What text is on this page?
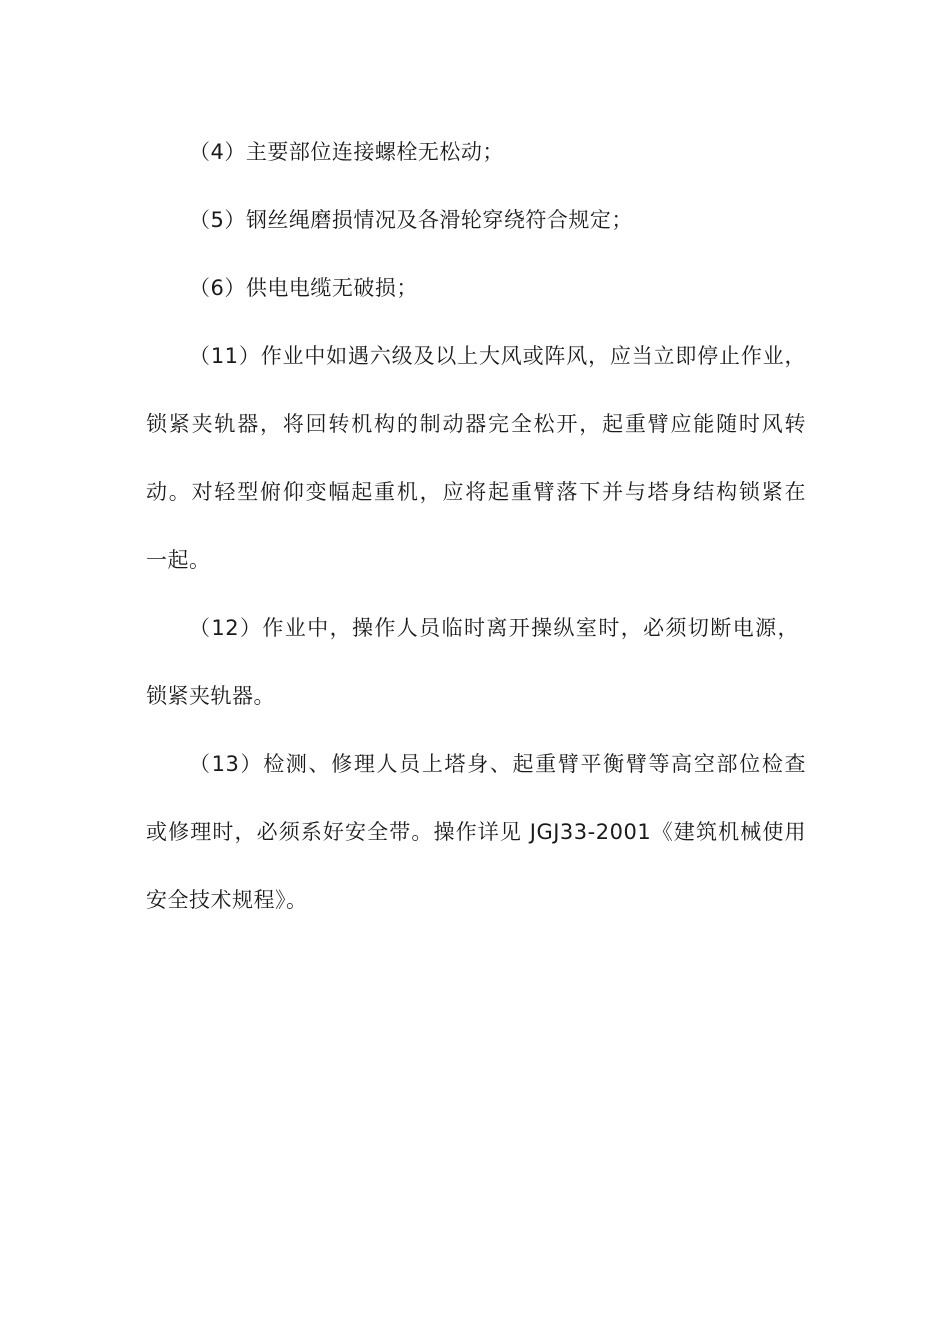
（4）主要部位连接螺栓无松动；
（5）钢丝绳磨损情况及各滑轮穿绕符合规定；
（6）供电电缆无破损；
（11）作业中如遇六级及以上大风或阵风，应当立即停止作业，
锁紧夹轨器，将回转机构的制动器完全松开，起重臂应能随时风转
动。对轻型俯仰变幅起重机，应将起重臂落下并与塔身结构锁紧在
一起。
（12）作业中，操作人员临时离开操纵室时，必须切断电源，
锁紧夹轨器。
（13）检测、修理人员上塔身、起重臂平衡臂等高空部位检查
或修理时，必须系好安全带。操作详见 JGJ33-2001《建筑机械使用
安全技术规程》。
